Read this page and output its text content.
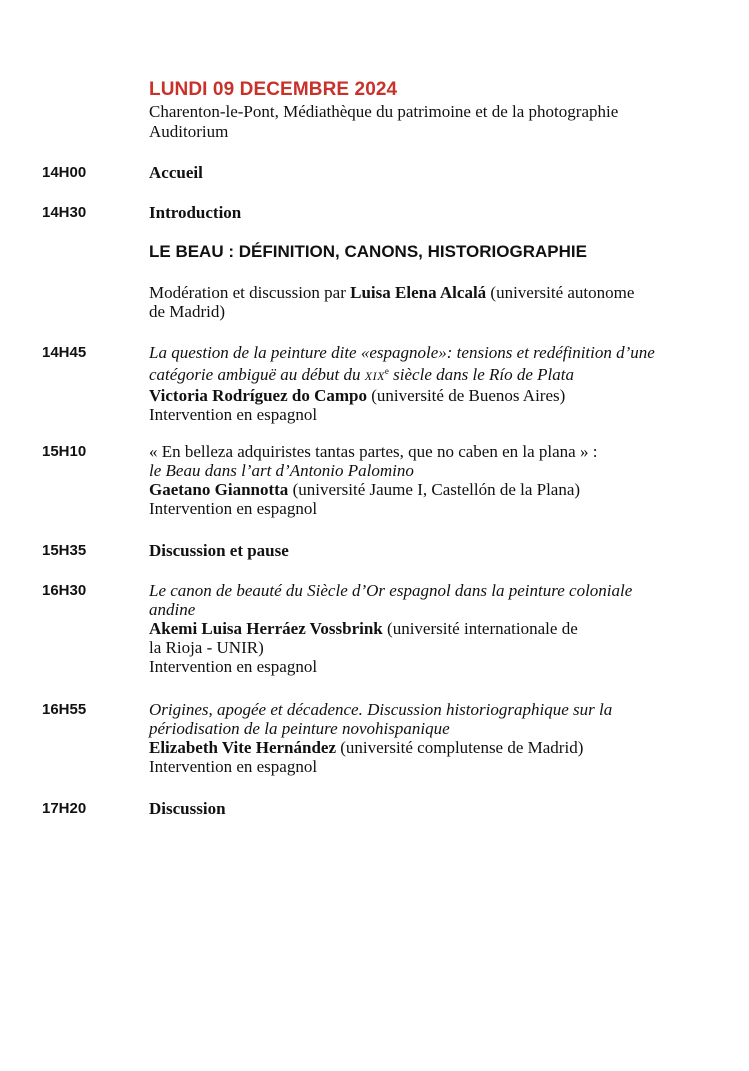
LUNDI 09 DECEMBRE 2024
Charenton-le-Pont, Médiathèque du patrimoine et de la photographie
Auditorium
14H00	Accueil
14H30	Introduction
LE BEAU : DÉFINITION, CANONS, HISTORIOGRAPHIE
Modération et discussion par Luisa Elena Alcalá (université autonome
de Madrid)
14H45	La question de la peinture dite «espagnole»: tensions et redéfinition d’une
catégorie ambiguë au début du XIXe siècle dans le Río de Plata
Victoria Rodríguez do Campo (université de Buenos Aires)
Intervention en espagnol
15H10	« En belleza adquiristes tantas partes, que no caben en la plana » :
le Beau dans l’art d’Antonio Palomino
Gaetano Giannotta (université Jaume I, Castellón de la Plana)
Intervention en espagnol
15H35	Discussion et pause
16H30	Le canon de beauté du Siècle d’Or espagnol dans la peinture coloniale
andine
Akemi Luisa Herráez Vossbrink (université internationale de
la Rioja - UNIR)
Intervention en espagnol
16H55	Origines, apogée et décadence. Discussion historiographique sur la
périodisation de la peinture novohispanique
Elizabeth Vite Hernández (université complutense de Madrid)
Intervention en espagnol
17H20	Discussion
